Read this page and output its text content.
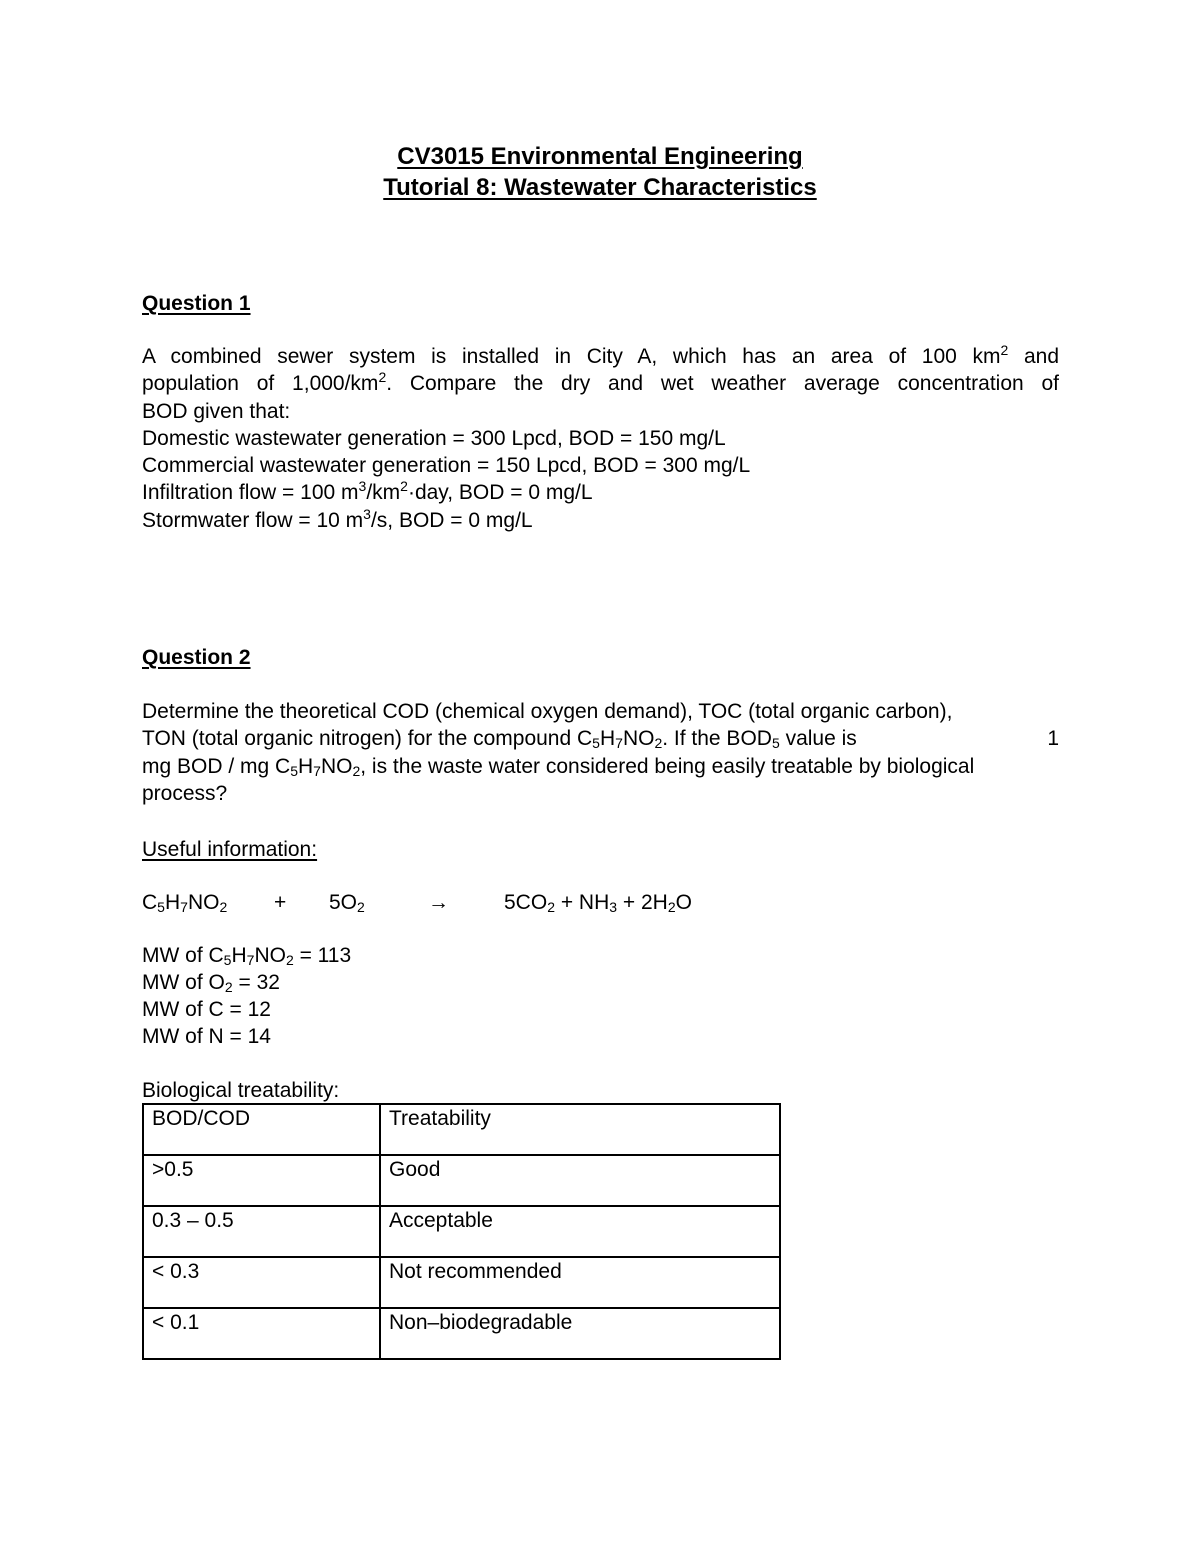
CV3015 Environmental Engineering
Tutorial 8: Wastewater Characteristics
Question 1
A combined sewer system is installed in City A, which has an area of 100 $km^2$ and
population of $1,000/km^2$. Compare the dry and wet weather average concentration of
BOD given that:
Domestic wastewater generation = 300 Lpcd, BOD = 150 mg/L
Commercial wastewater generation = 150 Lpcd, BOD = 300 mg/L
Infiltration flow = 100 $m^3/km^2\cdot day$, BOD = 0 mg/L
Stormwater flow = 10 $m^3/s$, BOD = 0 mg/L
Question 2
Determine the theoretical COD (chemical oxygen demand), TOC (total organic carbon),
TON (total organic nitrogen) for the compound $C_5H_7NO_2$. If the $BOD_5$ value is	1
mg BOD / mg $C_5H_7NO_2$, is the waste water considered being easily treatable by biological
process?
Useful information:
$C_5H_7NO_2 + 5O_2$	→	$5CO_2 + NH_3 + 2H_2O$
MW of $C_5H_7NO_2 = 113$
MW of $O_2 = 32$
MW of C = 12
MW of N = 14
Biological treatability:
BOD/COD	Treatability
>0.5	Good
0.3 – 0.5	Acceptable
< 0.3	Not recommended
< 0.1	Non–biodegradable
